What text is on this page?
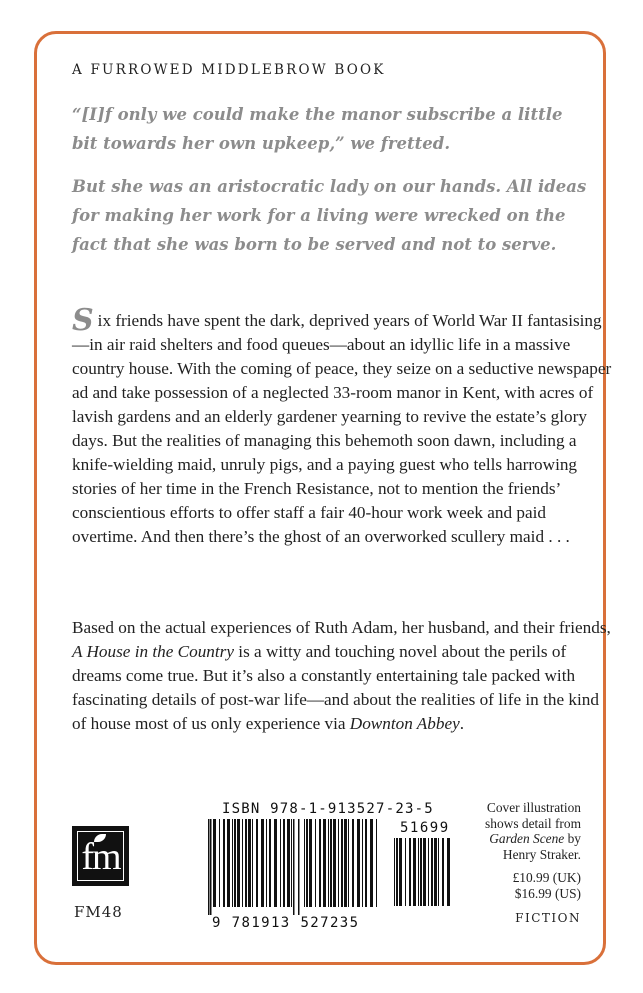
A FURROWED MIDDLEBROW BOOK

“[I]f only we could make the manor subscribe a little bit towards her own upkeep,” we fretted.

But she was an aristocratic lady on our hands. All ideas for making her work for a living were wrecked on the fact that she was born to be served and not to serve.

Six friends have spent the dark, deprived years of World War II fantasising—in air raid shelters and food queues—about an idyllic life in a massive country house. With the coming of peace, they seize on a seductive newspaper ad and take possession of a neglected 33-room manor in Kent, with acres of lavish gardens and an elderly gardener yearning to revive the estate’s glory days. But the realities of managing this behemoth soon dawn, including a knife-wielding maid, unruly pigs, and a paying guest who tells harrowing stories of her time in the French Resistance, not to mention the friends’ conscientious efforts to offer staff a fair 40-hour work week and paid overtime. And then there’s the ghost of an overworked scullery maid . . .

Based on the actual experiences of Ruth Adam, her husband, and their friends, A House in the Country is a witty and touching novel about the perils of dreams come true. But it’s also a constantly entertaining tale packed with fascinating details of post-war life—and about the realities of life in the kind of house most of us only experience via Downton Abbey.

fm
FM48
ISBN 978-1-913527-23-5
51699
9 781913 527235
Cover illustration
shows detail from
Garden Scene by
Henry Straker.
£10.99 (UK)
$16.99 (US)
FICTION
